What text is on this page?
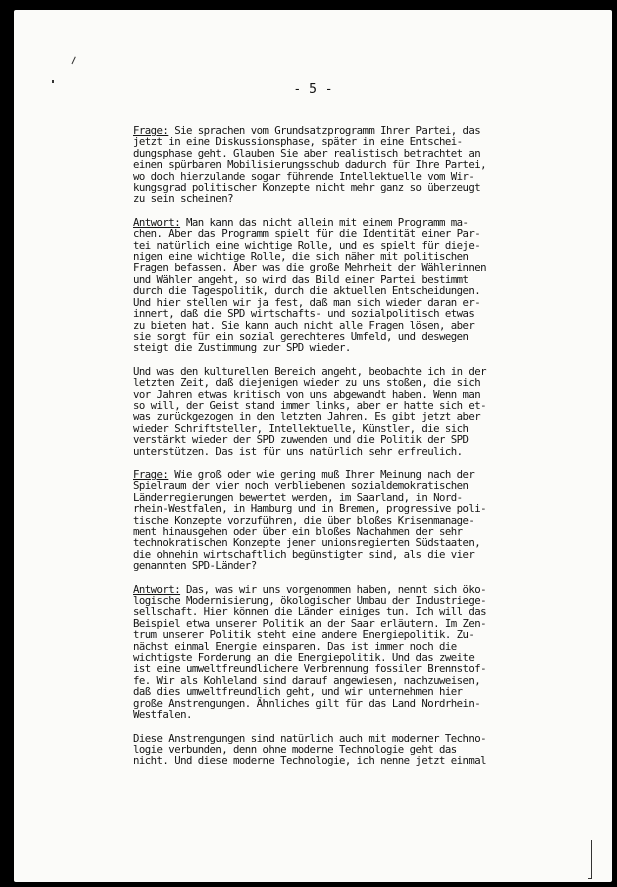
- 5 -
Frage: Sie sprachen vom Grundsatzprogramm Ihrer Partei, das
jetzt in eine Diskussionsphase, später in eine Entschei-
dungsphase geht. Glauben Sie aber realistisch betrachtet an
einen spürbaren Mobilisierungsschub dadurch für Ihre Partei,
wo doch hierzulande sogar führende Intellektuelle vom Wir-
kungsgrad politischer Konzepte nicht mehr ganz so überzeugt
zu sein scheinen?
Antwort: Man kann das nicht allein mit einem Programm ma-
chen. Aber das Programm spielt für die Identität einer Par-
tei natürlich eine wichtige Rolle, und es spielt für dieje-
nigen eine wichtige Rolle, die sich näher mit politischen
Fragen befassen. Aber was die große Mehrheit der Wählerinnen
und Wähler angeht, so wird das Bild einer Partei bestimmt
durch die Tagespolitik, durch die aktuellen Entscheidungen.
Und hier stellen wir ja fest, daß man sich wieder daran er-
innert, daß die SPD wirtschafts- und sozialpolitisch etwas
zu bieten hat. Sie kann auch nicht alle Fragen lösen, aber
sie sorgt für ein sozial gerechteres Umfeld, und deswegen
steigt die Zustimmung zur SPD wieder.
Und was den kulturellen Bereich angeht, beobachte ich in der
letzten Zeit, daß diejenigen wieder zu uns stoßen, die sich
vor Jahren etwas kritisch von uns abgewandt haben. Wenn man
so will, der Geist stand immer links, aber er hatte sich et-
was zurückgezogen in den letzten Jahren. Es gibt jetzt aber
wieder Schriftsteller, Intellektuelle, Künstler, die sich
verstärkt wieder der SPD zuwenden und die Politik der SPD
unterstützen. Das ist für uns natürlich sehr erfreulich.
Frage: Wie groß oder wie gering muß Ihrer Meinung nach der
Spielraum der vier noch verbliebenen sozialdemokratischen
Länderregierungen bewertet werden, im Saarland, in Nord-
rhein-Westfalen, in Hamburg und in Bremen, progressive poli-
tische Konzepte vorzuführen, die über bloßes Krisenmanage-
ment hinausgehen oder über ein bloßes Nachahmen der sehr
technokratischen Konzepte jener unionsregierten Südstaaten,
die ohnehin wirtschaftlich begünstigter sind, als die vier
genannten SPD-Länder?
Antwort: Das, was wir uns vorgenommen haben, nennt sich öko-
logische Modernisierung, ökologischer Umbau der Industriege-
sellschaft. Hier können die Länder einiges tun. Ich will das
Beispiel etwa unserer Politik an der Saar erläutern. Im Zen-
trum unserer Politik steht eine andere Energiepolitik. Zu-
nächst einmal Energie einsparen. Das ist immer noch die
wichtigste Forderung an die Energiepolitik. Und das zweite
ist eine umweltfreundlichere Verbrennung fossiler Brennstof-
fe. Wir als Kohleland sind darauf angewiesen, nachzuweisen,
daß dies umweltfreundlich geht, und wir unternehmen hier
große Anstrengungen. Ähnliches gilt für das Land Nordrhein-
Westfalen.
Diese Anstrengungen sind natürlich auch mit moderner Techno-
logie verbunden, denn ohne moderne Technologie geht das
nicht. Und diese moderne Technologie, ich nenne jetzt einmal
